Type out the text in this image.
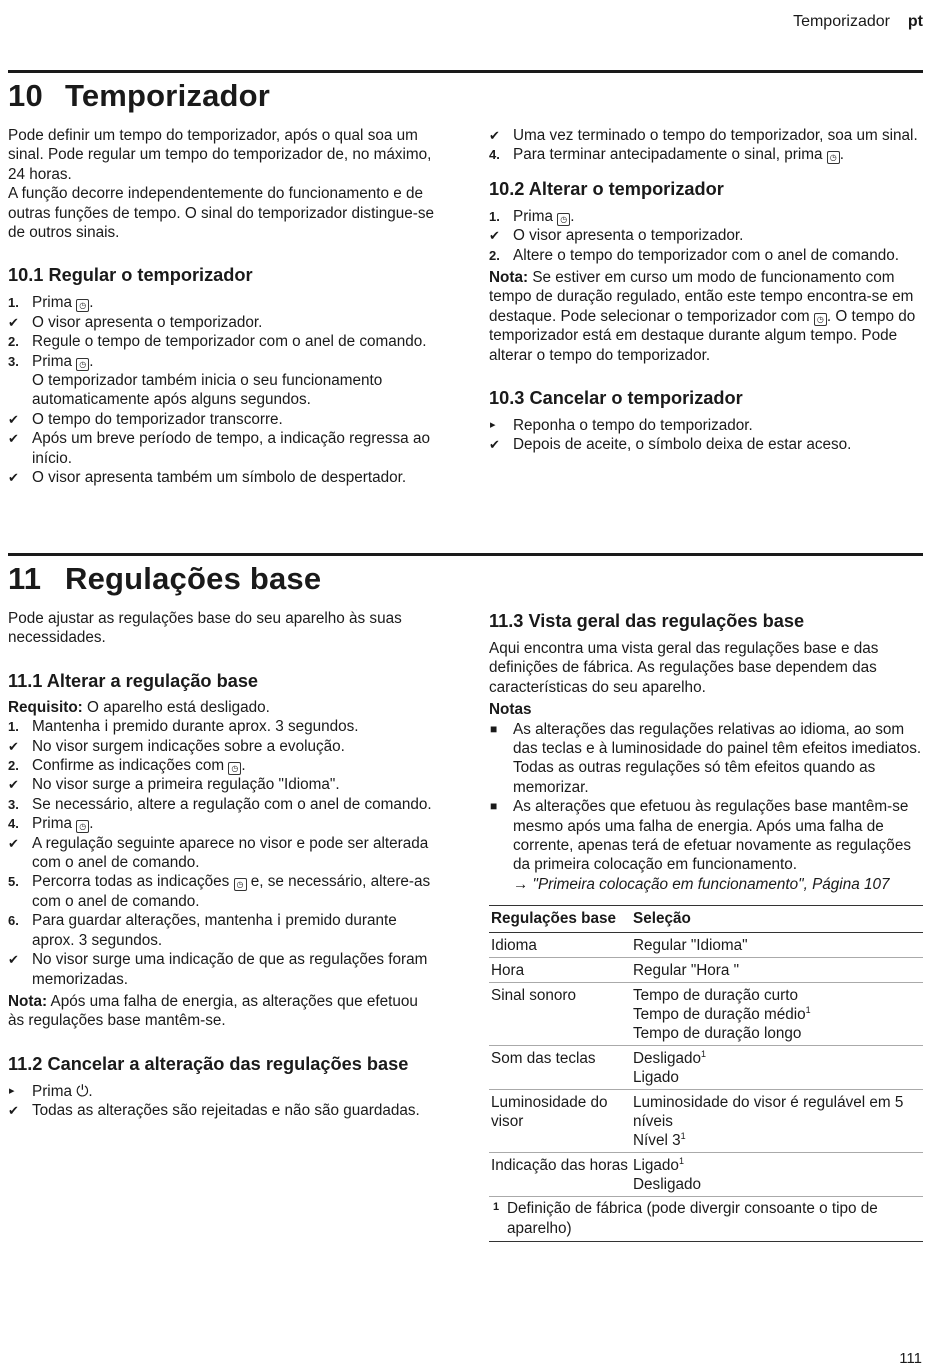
Temporizador pt
10 Temporizador

Pode definir um tempo do temporizador, após o qual soa um sinal. Pode regular um tempo do temporizador de, no máximo, 24 horas.

A função decorre independentemente do funcionamento e de outras funções de tempo. O sinal do temporizador distingue-se de outros sinais.

10.1 Regular o temporizador
1. Prima ◷ .
✔ O visor apresenta o temporizador.
2. Regule o tempo de temporizador com o anel de comando.
3. Prima ◷ .
O temporizador também inicia o seu funcionamento automaticamente após alguns segundos.
✔ O tempo do temporizador transcorre.
✔ Após um breve período de tempo, a indicação regressa ao início.
✔ O visor apresenta também um símbolo de despertador.
✔ Uma vez terminado o tempo do temporizador, soa um sinal.
4. Para terminar antecipadamente o sinal, prima ◷ .
10.2 Alterar o temporizador
1. Prima ◷ .
✔ O visor apresenta o temporizador.
2. Altere o tempo do temporizador com o anel de comando.

Nota: Se estiver em curso um modo de funcionamento com tempo de duração regulado, então este tempo encontra-se em destaque. Pode selecionar o temporizador com ◷ . O tempo do temporizador está em destaque durante algum tempo. Pode alterar o tempo do temporizador.

10.3 Cancelar o temporizador
▸ Reponha o tempo do temporizador.
✔ Depois de aceite, o símbolo deixa de estar aceso.
11 Regulações base

Pode ajustar as regulações base do seu aparelho às suas necessidades.

11.1 Alterar a regulação base

Requisito: O aparelho está desligado.

1. Mantenha ⅰ premido durante aprox. 3 segundos.
✔ No visor surgem indicações sobre a evolução.
2. Confirme as indicações com ◷ .
✔ No visor surge a primeira regulação "Idioma".
3. Se necessário, altere a regulação com o anel de comando.
4. Prima ◷ .
✔ A regulação seguinte aparece no visor e pode ser alterada com o anel de comando.
5. Percorra todas as indicações ◷ e, se necessário, altere-as com o anel de comando.
6. Para guardar alterações, mantenha ⅰ premido durante aprox. 3 segundos.
✔ No visor surge uma indicação de que as regulações foram memorizadas.

Nota: Após uma falha de energia, as alterações que efetuou às regulações base mantêm-se.

11.2 Cancelar a alteração das regulações base
▸ Prima ⏻.
✔ Todas as alterações são rejeitadas e não são guardadas.
11.3 Vista geral das regulações base

Aqui encontra uma vista geral das regulações base e das definições de fábrica. As regulações base dependem das características do seu aparelho.

Notas

■ As alterações das regulações relativas ao idioma, ao som das teclas e à luminosidade do painel têm efeitos imediatos. Todas as outras regulações só têm efeitos quando as memorizar.
■ As alterações que efetuou às regulações base mantêm-se mesmo após uma falha de energia. Após uma falha de corrente, apenas terá de efetuar novamente as regulações da primeira colocação em funcionamento.
→ "Primeira colocação em funcionamento", Página 107
Regulações base	Seleção
Idioma	Regular "Idioma"
Hora	Regular "Hora "
Sinal sonoro	Tempo de duração curto
Tempo de duração médio$^1$
Tempo de duração longo

Som das teclas	Desligado$^1$
Ligado

Luminosidade do visor	Luminosidade do visor é regulável em 5 níveis
Nível $3^1$

Indicação das horas	Ligado$^1$
Desligado
1 Definição de fábrica (pode divergir consoante o tipo de aparelho)
111
